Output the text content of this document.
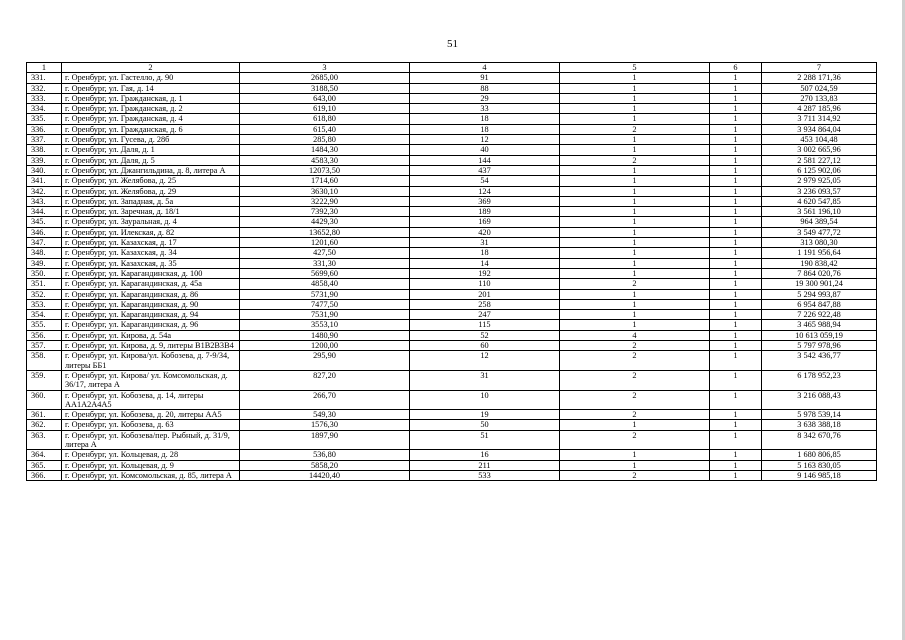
51
1	2	3	4	5	6	7
331.	г. Оренбург, ул. Гастелло, д. 90	2685,00	91	1	1	2 288 171,36
332.	г. Оренбург, ул. Гая, д. 14	3188,50	88	1	1	507 024,59
333.	г. Оренбург, ул. Гражданская, д. 1	643,00	29	1	1	270 133,83
334.	г. Оренбург, ул. Гражданская, д. 2	619,10	33	1	1	4 287 185,96
335.	г. Оренбург, ул. Гражданская, д. 4	618,80	18	1	1	3 711 314,92
336.	г. Оренбург, ул. Гражданская, д. 6	615,40	18	2	1	3 934 864,04
337.	г. Оренбург, ул. Гусева, д. 28б	285,80	12	1	1	453 104,48
338.	г. Оренбург, ул. Даля, д. 1	1484,30	40	1	1	3 002 665,96
339.	г. Оренбург, ул. Даля, д. 5	4583,30	144	2	1	2 581 227,12
340.	г. Оренбург, ул. Джангильдина, д. 8, литера А	12073,50	437	1	1	6 125 902,06
341.	г. Оренбург, ул. Желябова, д. 25	1714,60	54	1	1	2 979 925,05
342.	г. Оренбург, ул. Желябова, д. 29	3630,10	124	1	1	3 236 093,57
343.	г. Оренбург, ул. Западная, д. 5а	3222,90	369	1	1	4 620 547,85
344.	г. Оренбург, ул. Заречная, д. 18/1	7392,30	189	1	1	3 561 196,10
345.	г. Оренбург, ул. Зауральная, д. 4	4429,30	169	1	1	964 389,54
346.	г. Оренбург, ул. Илекская, д. 82	13652,80	420	1	1	3 549 477,72
347.	г. Оренбург, ул. Казахская, д. 17	1201,60	31	1	1	313 080,30
348.	г. Оренбург, ул. Казахская, д. 34	427,50	18	1	1	1 191 956,64
349.	г. Оренбург, ул. Казахская, д. 35	331,30	14	1	1	190 838,42
350.	г. Оренбург, ул. Карагандинская, д. 100	5699,60	192	1	1	7 864 020,76
351.	г. Оренбург, ул. Карагандинская, д. 45а	4858,40	110	2	1	19 300 901,24
352.	г. Оренбург, ул. Карагандинская, д. 86	5731,90	201	1	1	5 294 993,87
353.	г. Оренбург, ул. Карагандинская, д. 90	7477,50	258	1	1	6 954 847,88
354.	г. Оренбург, ул. Карагандинская, д. 94	7531,90	247	1	1	7 226 922,48
355.	г. Оренбург, ул. Карагандинская, д. 96	3553,10	115	1	1	3 465 988,94
356.	г. Оренбург, ул. Кирова, д. 54а	1480,90	52	4	1	10 613 059,19
357.	г. Оренбург, ул. Кирова, д. 9, литеры В1В2В3В4	1200,00	60	2	1	5 797 978,96
358.	г. Оренбург, ул. Кирова/ул. Кобозева, д. 7-9/34, литеры ББ1	295,90	12	2	1	3 542 436,77
359.	г. Оренбург, ул. Кирова/ ул. Комсомольская, д. 36/17, литера А	827,20	31	2	1	6 178 952,23
360.	г. Оренбург, ул. Кобозева, д. 14, литеры АА1А2А4А5	266,70	10	2	1	3 216 088,43
361.	г. Оренбург, ул. Кобозева, д. 20, литеры АА5	549,30	19	2	1	5 978 539,14
362.	г. Оренбург, ул. Кобозева, д. 63	1576,30	50	1	1	3 638 388,18
363.	г. Оренбург, ул. Кобозева/пер. Рыбный, д. 31/9, литера А	1897,90	51	2	1	8 342 670,76
364.	г. Оренбург, ул. Кольцевая, д. 28	536,80	16	1	1	1 680 806,85
365.	г. Оренбург, ул. Кольцевая, д. 9	5858,20	211	1	1	5 163 830,05
366.	г. Оренбург, ул. Комсомольская, д. 85, литера А	14420,40	533	2	1	9 146 985,18
